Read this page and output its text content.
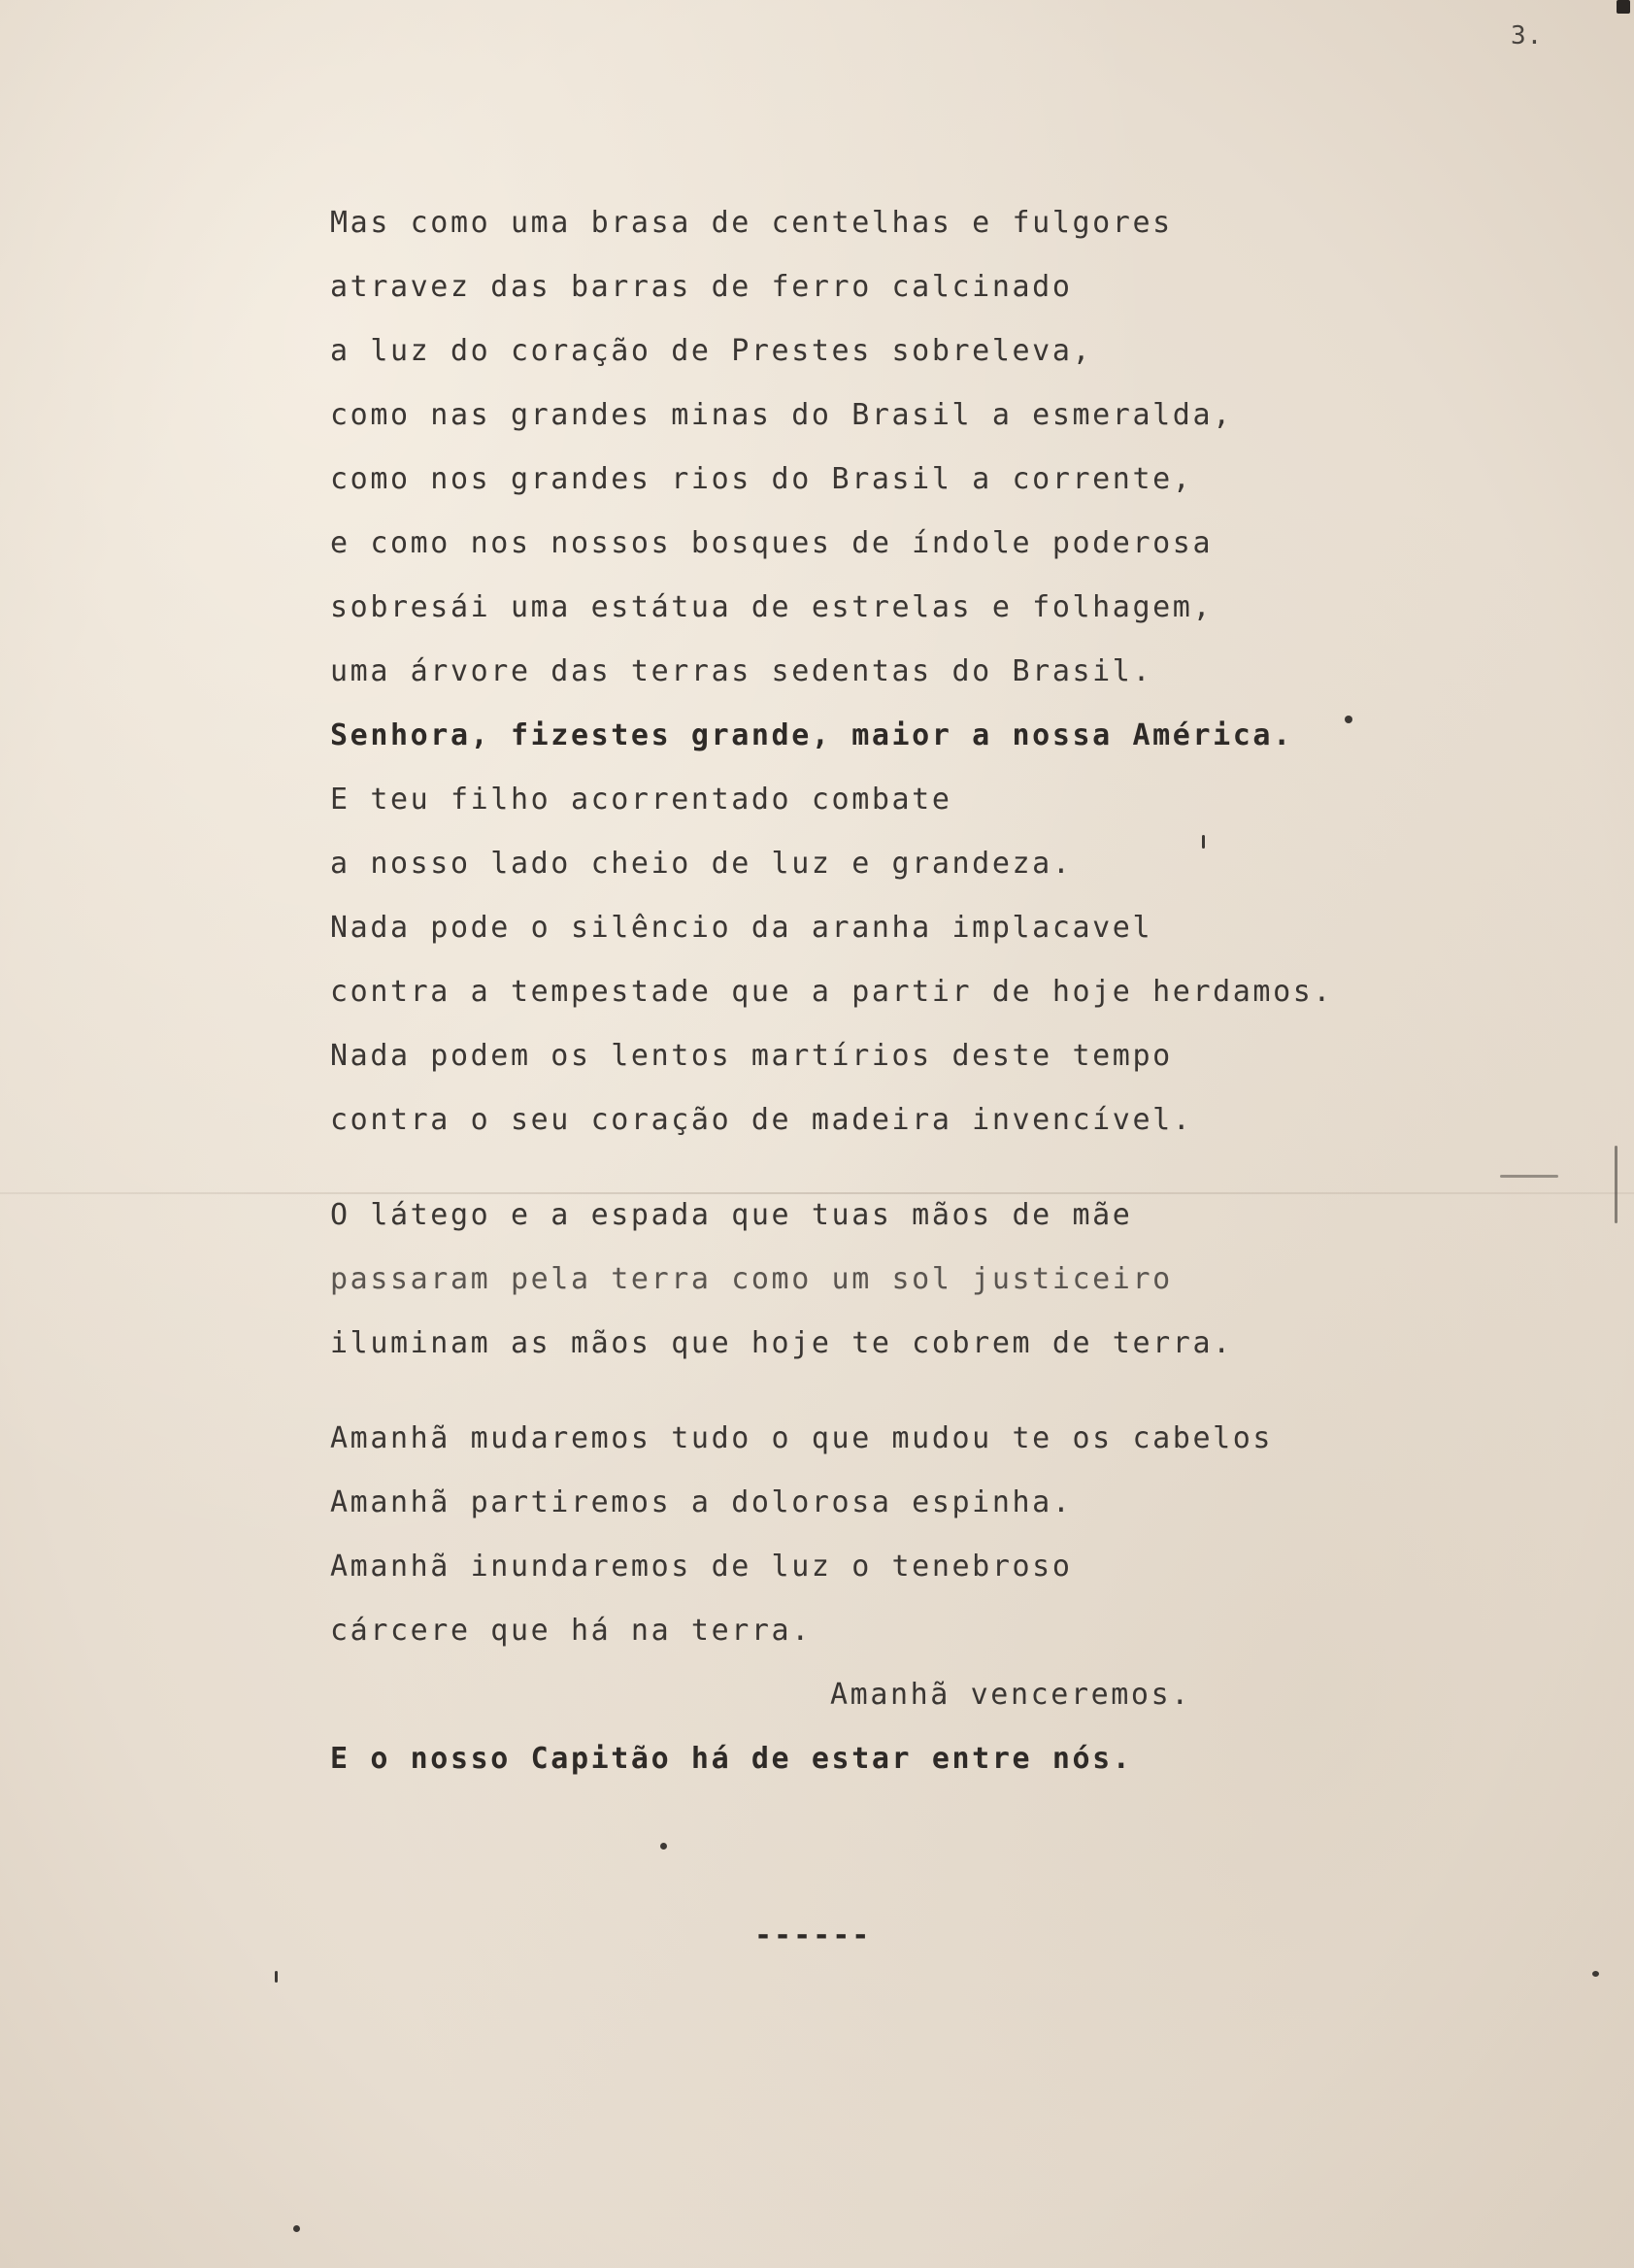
3.
Mas como uma brasa de centelhas e fulgores
atravez das barras de ferro calcinado
a luz do coração de Prestes sobreleva,
como nas grandes minas do Brasil a esmeralda,
como nos grandes rios do Brasil a corrente,
e como nos nossos bosques de índole poderosa
sobresái uma estátua de estrelas e folhagem,
uma árvore das terras sedentas do Brasil.
Senhora, fizestes grande, maior a nossa América.
E teu filho acorrentado combate
a nosso lado cheio de luz e grandeza.
Nada pode o silêncio da aranha implacavel
contra a tempestade que a partir de hoje herdamos.
Nada podem os lentos martírios deste tempo
contra o seu coração de madeira invencível.
O látego e a espada que tuas mãos de mãe
passaram pela terra como um sol justiceiro
iluminam as mãos que hoje te cobrem de terra.
Amanhã mudaremos tudo o que mudou te os cabelos
Amanhã partiremos a dolorosa espinha.
Amanhã inundaremos de luz o tenebroso
cárcere que há na terra.
Amanhã venceremos.
E o nosso Capitão há de estar entre nós.
------
